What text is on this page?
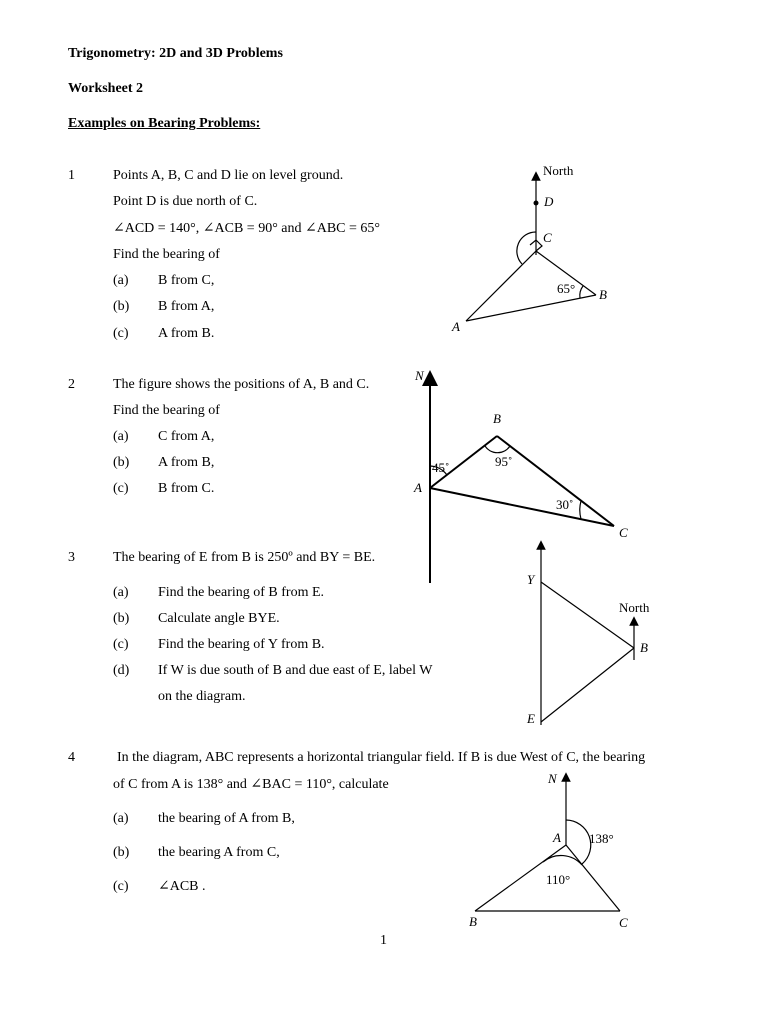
Trigonometry: 2D and 3D Problems
Worksheet 2
Examples on Bearing Problems:
1	Points A, B, C and D lie on level ground.
Point D is due north of C.
∠ACD = 140°, ∠ACB = 90° and ∠ABC = 65°
Find the bearing of
(a) B from C,
(b) B from A,
(c) A from B.
2	The figure shows the positions of A, B and C.
Find the bearing of
(a) C from A,
(b) A from B,
(c) B from C.
3	The bearing of E from B is 250º and BY = BE.
(a) Find the bearing of B from E.
(b) Calculate angle BYE.
(c) Find the bearing of Y from B.
(d) If W is due south of B and due east of E, label W
on the diagram.
4	In the diagram, ABC represents a horizontal triangular field. If B is due West of C, the bearing
of C from A is 138° and ∠BAC = 110°, calculate
(a) the bearing of A from B,
(b) the bearing A from C,
(c) ∠ACB .
1
North
D
C
B
A
65°
N
A
B
C
45˚	95˚
30˚
Y
E
B
North
N
A
B	C
138°
110°
